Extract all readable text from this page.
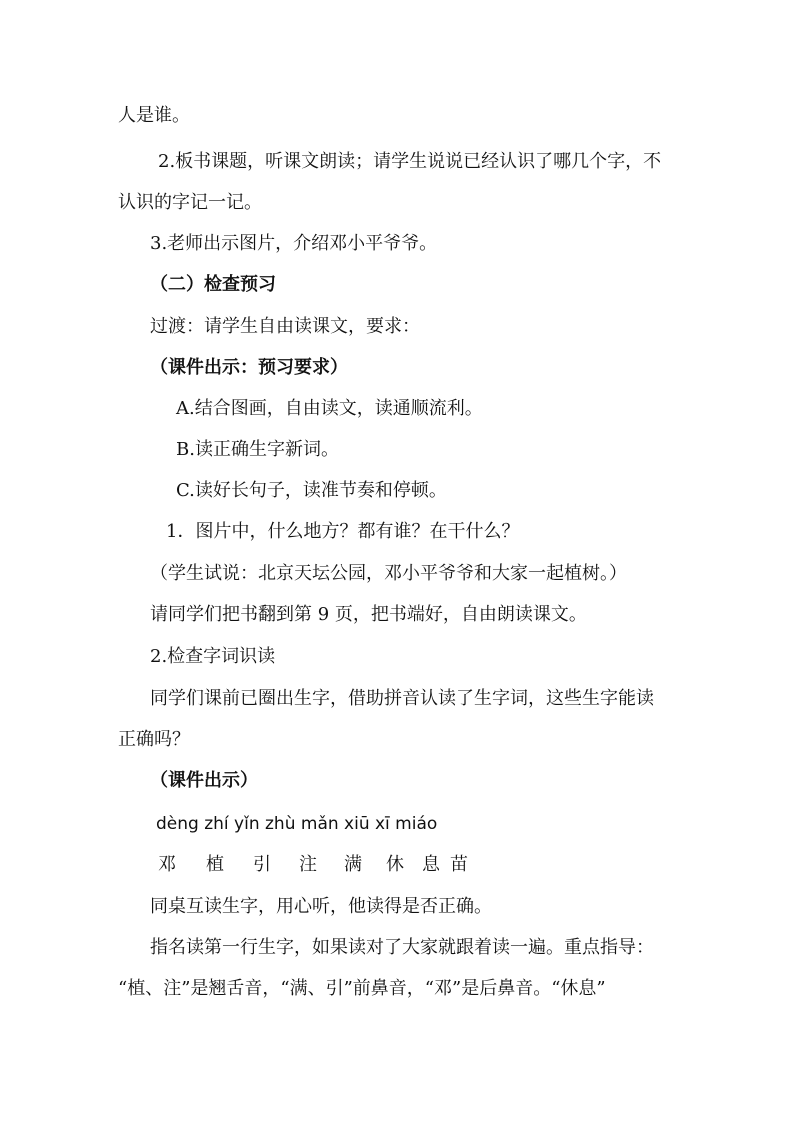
人是谁。
2.板书课题，听课文朗读；请学生说说已经认识了哪几个字，不
认识的字记一记。
3.老师出示图片，介绍邓小平爷爷。
（二）检查预习
过渡：请学生自由读课文，要求：
（课件出示：预习要求）
A.结合图画，自由读文，读通顺流利。
B.读正确生字新词。
C.读好长句子，读准节奏和停顿。
1．图片中，什么地方？都有谁？在干什么？
（学生试说：北京天坛公园，邓小平爷爷和大家一起植树。）
请同学们把书翻到第 9 页，把书端好，自由朗读课文。
2.检查字词识读
同学们课前已圈出生字，借助拼音认读了生字词，这些生字能读
正确吗？
（课件出示）
dèng zhí yǐn zhù mǎn xiū xī miáo
邓 植 引 注 满 休 息 苗
同桌互读生字，用心听，他读得是否正确。
指名读第一行生字，如果读对了大家就跟着读一遍。重点指导：
“植、注”是翘舌音，“满、引”前鼻音，“邓”是后鼻音。“休息”
